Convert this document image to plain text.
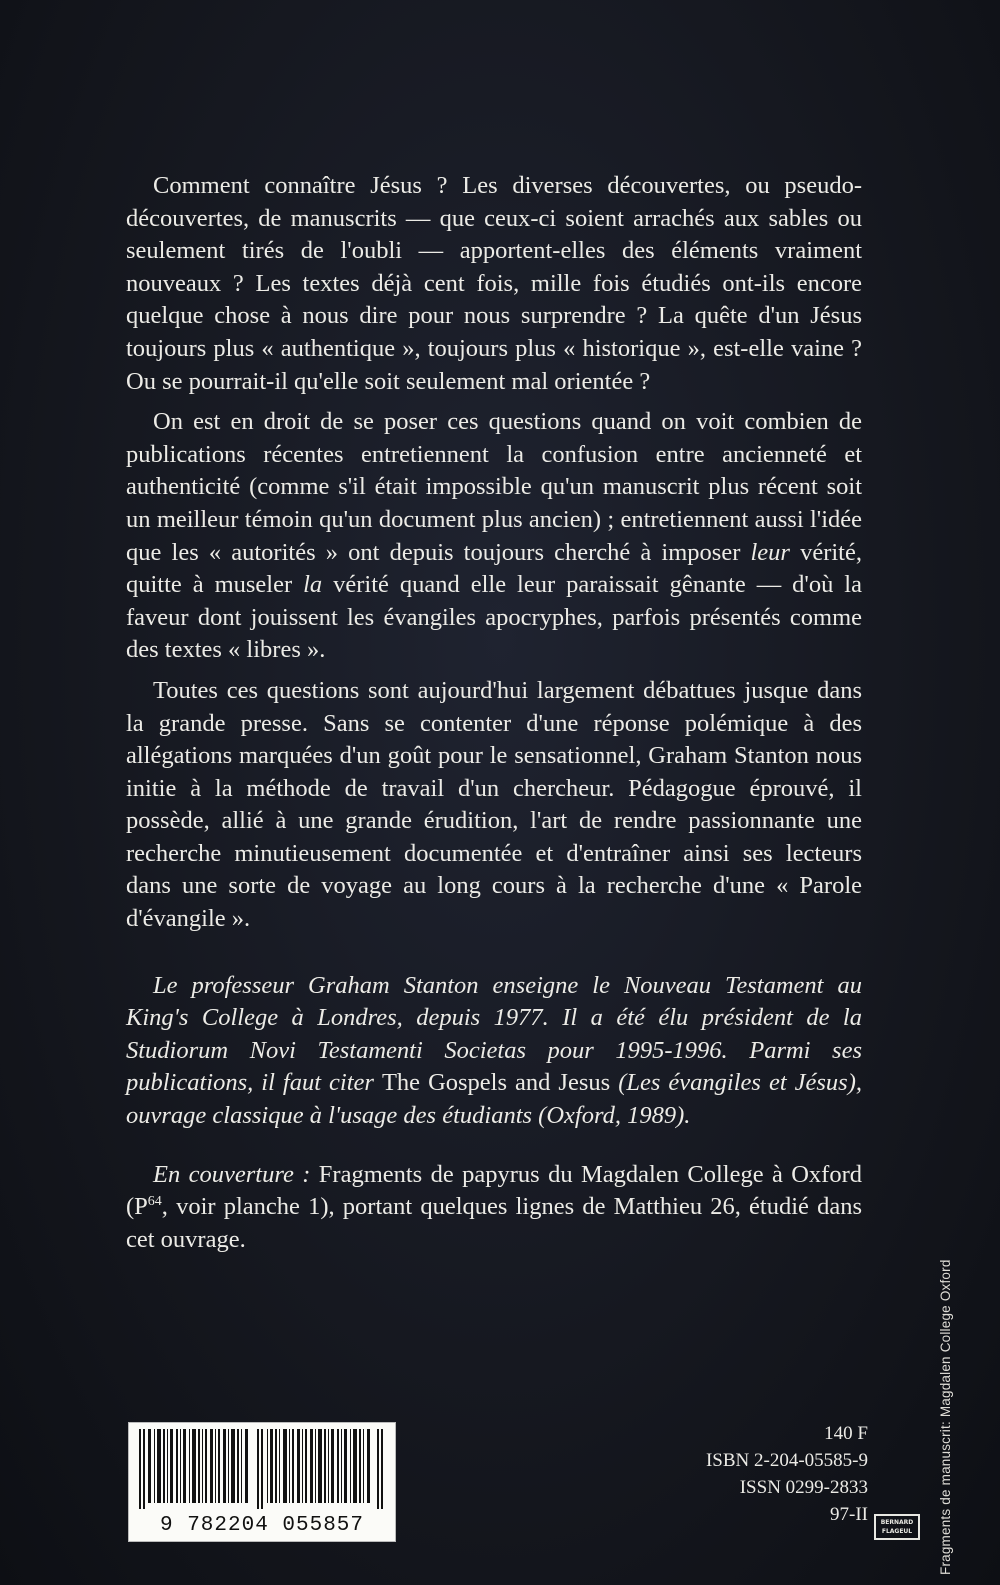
Comment connaître Jésus ? Les diverses découvertes, ou pseudo-découvertes, de manuscrits — que ceux-ci soient arrachés aux sables ou seulement tirés de l'oubli — apportent-elles des éléments vraiment nouveaux ? Les textes déjà cent fois, mille fois étudiés ont-ils encore quelque chose à nous dire pour nous surprendre ? La quête d'un Jésus toujours plus « authentique », toujours plus « historique », est-elle vaine ? Ou se pourrait-il qu'elle soit seulement mal orientée ?

On est en droit de se poser ces questions quand on voit combien de publications récentes entretiennent la confusion entre ancienneté et authenticité (comme s'il était impossible qu'un manuscrit plus récent soit un meilleur témoin qu'un document plus ancien) ; entretiennent aussi l'idée que les « autorités » ont depuis toujours cherché à imposer leur vérité, quitte à museler la vérité quand elle leur paraissait gênante — d'où la faveur dont jouissent les évangiles apocryphes, parfois présentés comme des textes « libres ».

Toutes ces questions sont aujourd'hui largement débattues jusque dans la grande presse. Sans se contenter d'une réponse polémique à des allégations marquées d'un goût pour le sensationnel, Graham Stanton nous initie à la méthode de travail d'un chercheur. Pédagogue éprouvé, il possède, allié à une grande érudition, l'art de rendre passionnante une recherche minutieusement documentée et d'entraîner ainsi ses lecteurs dans une sorte de voyage au long cours à la recherche d'une « Parole d'évangile ».

Le professeur Graham Stanton enseigne le Nouveau Testament au King's College à Londres, depuis 1977. Il a été élu président de la Studiorum Novi Testamenti Societas pour 1995-1996. Parmi ses publications, il faut citer The Gospels and Jesus (Les évangiles et Jésus), ouvrage classique à l'usage des étudiants (Oxford, 1989).

En couverture : Fragments de papyrus du Magdalen College à Oxford ($P^{64}$, voir planche 1), portant quelques lignes de Matthieu 26, étudié dans cet ouvrage.

9 782204 055857
140 F
ISBN 2-204-05585-9
ISSN 0299-2833
97-II	BERNARD
FLAGEUL	Fragments de manuscrit: Magdalen College Oxford
